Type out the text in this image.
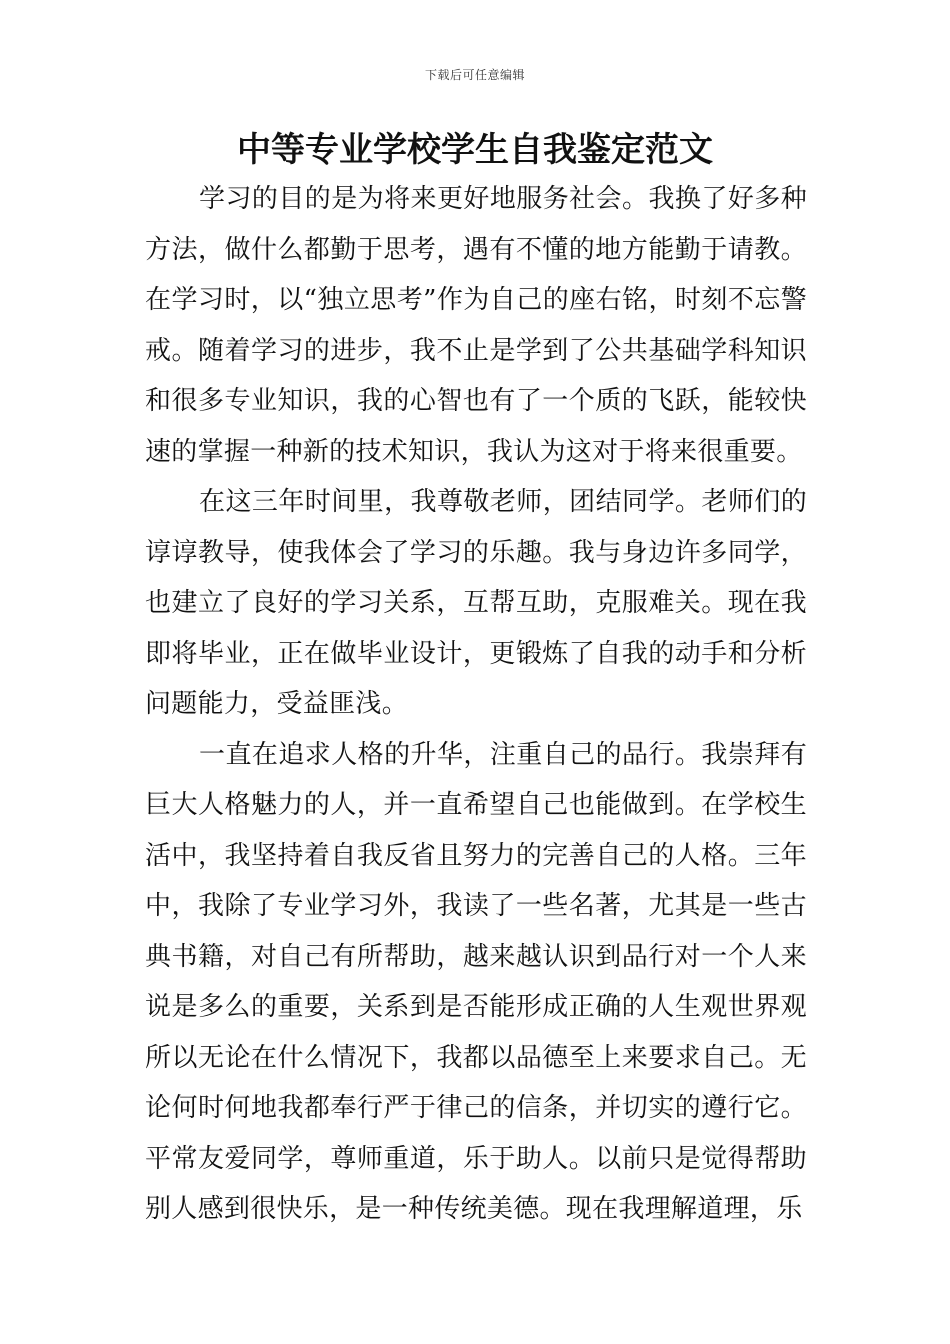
下载后可任意编辑
中等专业学校学生自我鉴定范文

学习的目的是为将来更好地服务社会。我换了好多种方法，做什么都勤于思考，遇有不懂的地方能勤于请教。在学习时，以“独立思考”作为自己的座右铭，时刻不忘警戒。随着学习的进步，我不止是学到了公共基础学科知识和很多专业知识，我的心智也有了一个质的飞跃，能较快速的掌握一种新的技术知识，我认为这对于将来很重要。

在这三年时间里，我尊敬老师，团结同学。老师们的谆谆教导，使我体会了学习的乐趣。我与身边许多同学，也建立了良好的学习关系，互帮互助，克服难关。现在我即将毕业，正在做毕业设计，更锻炼了自我的动手和分析问题能力，受益匪浅。

一直在追求人格的升华，注重自己的品行。我崇拜有巨大人格魅力的人，并一直希望自己也能做到。在学校生活中，我坚持着自我反省且努力的完善自己的人格。三年中，我除了专业学习外，我读了一些名著，尤其是一些古典书籍，对自己有所帮助，越来越认识到品行对一个人来说是多么的重要，关系到是否能形成正确的人生观世界观所以无论在什么情况下，我都以品德至上来要求自己。无论何时何地我都奉行严于律己的信条，并切实的遵行它。平常友爱同学，尊师重道，乐于助人。以前只是觉得帮助别人感到很快乐，是一种传统美德。现在我理解道理，乐
